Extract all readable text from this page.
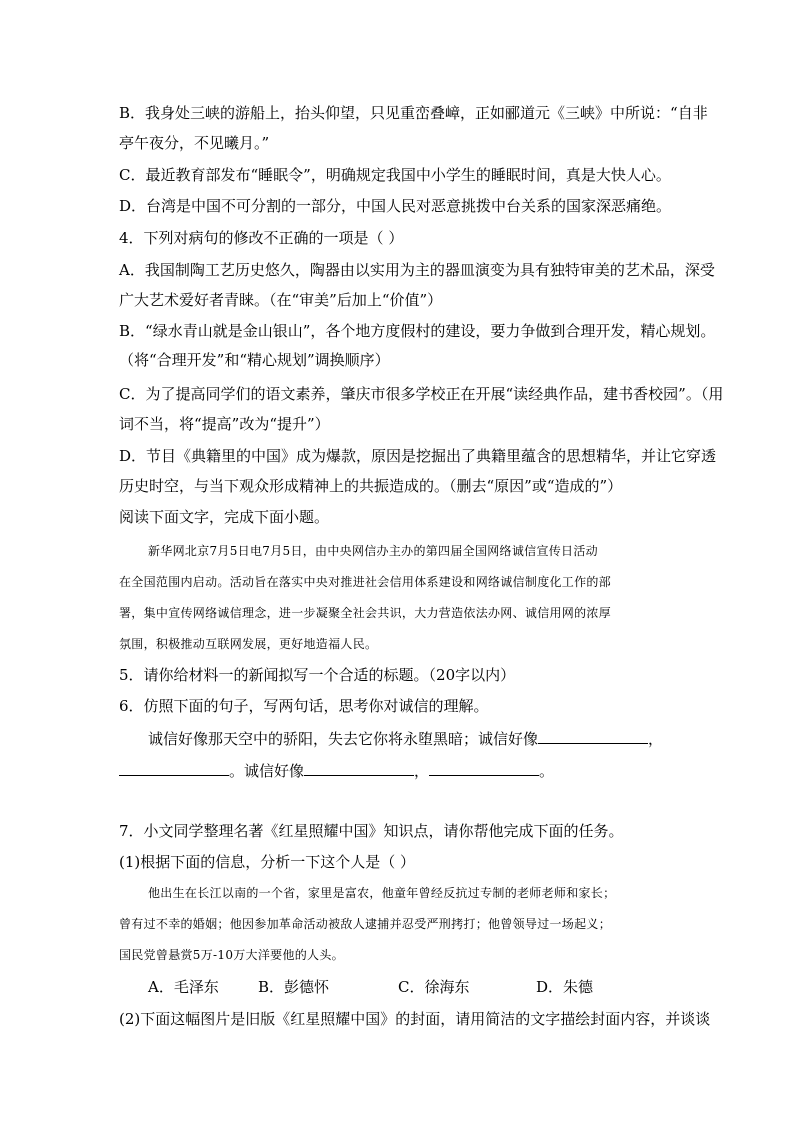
B．我身处三峡的游船上，抬头仰望，只见重峦叠嶂，正如郦道元《三峡》中所说：“自非
亭午夜分，不见曦月。”
C．最近教育部发布“睡眠令”，明确规定我国中小学生的睡眠时间，真是大快人心。
D．台湾是中国不可分割的一部分，中国人民对恶意挑拨中台关系的国家深恶痛绝。
4．下列对病句的修改不正确的一项是（ ）
A．我国制陶工艺历史悠久，陶器由以实用为主的器皿演变为具有独特审美的艺术品，深受
广大艺术爱好者青睐。（在“审美”后加上“价值”）
B．“绿水青山就是金山银山”，各个地方度假村的建设，要力争做到合理开发，精心规划。
（将“合理开发”和“精心规划”调换顺序）
C．为了提高同学们的语文素养，肇庆市很多学校正在开展“读经典作品，建书香校园”。（用
词不当，将“提高”改为“提升”）
D．节目《典籍里的中国》成为爆款，原因是挖掘出了典籍里蕴含的思想精华，并让它穿透
历史时空，与当下观众形成精神上的共振造成的。（删去“原因”或“造成的”）
阅读下面文字，完成下面小题。
新华网北京7月5日电7月5日，由中央网信办主办的第四届全国网络诚信宣传日活动
在全国范围内启动。活动旨在落实中央对推进社会信用体系建设和网络诚信制度化工作的部
署，集中宣传网络诚信理念，进一步凝聚全社会共识，大力营造依法办网、诚信用网的浓厚
氛围，积极推动互联网发展，更好地造福人民。
5．请你给材料一的新闻拟写一个合适的标题。（20字以内）
6．仿照下面的句子，写两句话，思考你对诚信的理解。
诚信好像那天空中的骄阳，失去它你将永堕黑暗；诚信好像	，
。诚信好像	，	。
7．小文同学整理名著《红星照耀中国》知识点，请你帮他完成下面的任务。
(1)根据下面的信息，分析一下这个人是（ ）
他出生在长江以南的一个省，家里是富农，他童年曾经反抗过专制的老师老师和家长；
曾有过不幸的婚姻；他因参加革命活动被敌人逮捕并忍受严刑拷打；他曾领导过一场起义；
国民党曾悬赏5万-10万大洋要他的人头。
A．毛泽东	B．彭德怀	C．徐海东	D．朱德
(2)下面这幅图片是旧版《红星照耀中国》的封面，请用简洁的文字描绘封面内容，并谈谈
